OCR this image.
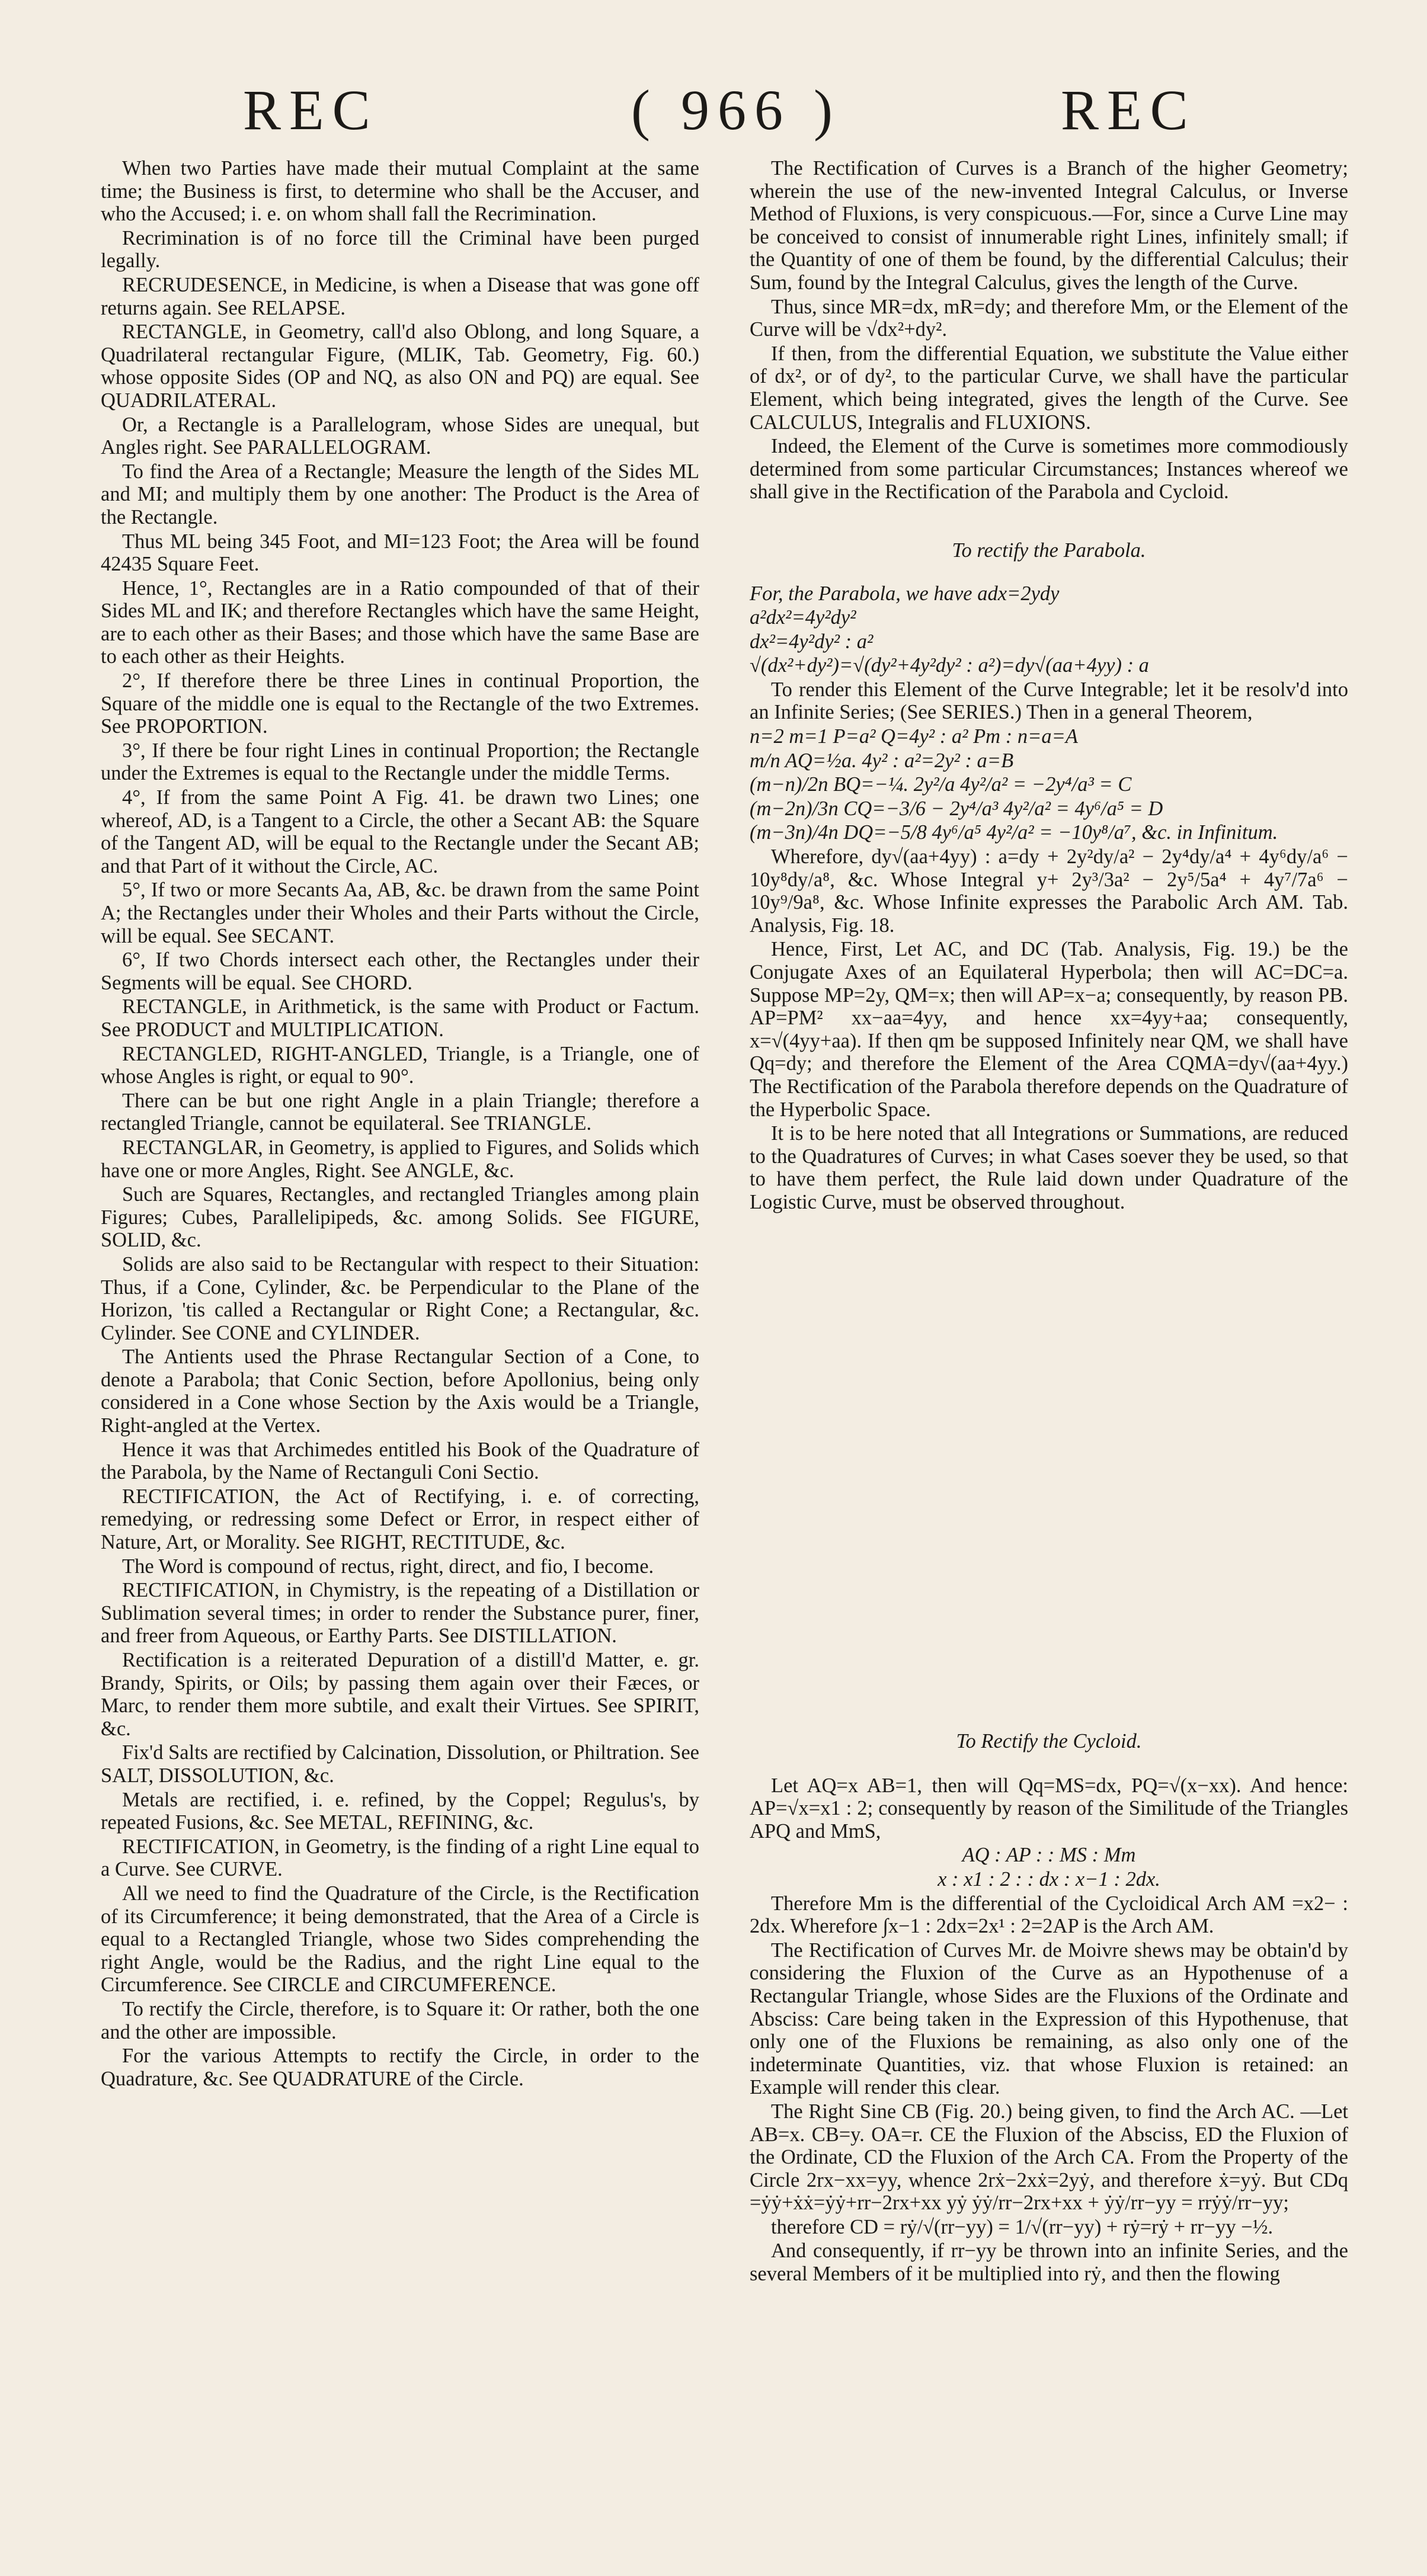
REC	( 966 )	REC

When two Parties have made their mutual Complaint at the same time; the Business is first, to determine who shall be the Accuser, and who the Accused; i. e. on whom shall fall the Recrimination.

Recrimination is of no force till the Criminal have been purged legally.

RECRUDESENCE, in Medicine, is when a Disease that was gone off returns again. See RELAPSE.

RECTANGLE, in Geometry, call'd also Oblong, and long Square, a Quadrilateral rectangular Figure, (MLIK, Tab. Geometry, Fig. 60.) whose opposite Sides (OP and NQ, as also ON and PQ) are equal. See QUADRILATERAL.

Or, a Rectangle is a Parallelogram, whose Sides are unequal, but Angles right. See PARALLELOGRAM.

To find the Area of a Rectangle; Measure the length of the Sides ML and MI; and multiply them by one another: The Product is the Area of the Rectangle.

Thus ML being 345 Foot, and MI=123 Foot; the Area will be found 42435 Square Feet.

Hence, 1°, Rectangles are in a Ratio compounded of that of their Sides ML and IK; and therefore Rectangles which have the same Height, are to each other as their Bases; and those which have the same Base are to each other as their Heights.

2°, If therefore there be three Lines in continual Proportion, the Square of the middle one is equal to the Rectangle of the two Extremes. See PROPORTION.

3°, If there be four right Lines in continual Proportion; the Rectangle under the Extremes is equal to the Rectangle under the middle Terms.

4°, If from the same Point A Fig. 41. be drawn two Lines; one whereof, AD, is a Tangent to a Circle, the other a Secant AB: the Square of the Tangent AD, will be equal to the Rectangle under the Secant AB; and that Part of it without the Circle, AC.

5°, If two or more Secants Aa, AB, &c. be drawn from the same Point A; the Rectangles under their Wholes and their Parts without the Circle, will be equal. See SECANT.

6°, If two Chords intersect each other, the Rectangles under their Segments will be equal. See CHORD.

RECTANGLE, in Arithmetick, is the same with Product or Factum. See PRODUCT and MULTIPLICATION.

RECTANGLED, RIGHT-ANGLED, Triangle, is a Triangle, one of whose Angles is right, or equal to 90°.

There can be but one right Angle in a plain Triangle; therefore a rectangled Triangle, cannot be equilateral. See TRIANGLE.

RECTANGLAR, in Geometry, is applied to Figures, and Solids which have one or more Angles, Right. See ANGLE, &c.

Such are Squares, Rectangles, and rectangled Triangles among plain Figures; Cubes, Parallelipipeds, &c. among Solids. See FIGURE, SOLID, &c.

Solids are also said to be Rectangular with respect to their Situation: Thus, if a Cone, Cylinder, &c. be Perpendicular to the Plane of the Horizon, 'tis called a Rectangular or Right Cone; a Rectangular, &c. Cylinder. See CONE and CYLINDER.

The Antients used the Phrase Rectangular Section of a Cone, to denote a Parabola; that Conic Section, before Apollonius, being only considered in a Cone whose Section by the Axis would be a Triangle, Right-angled at the Vertex.

Hence it was that Archimedes entitled his Book of the Quadrature of the Parabola, by the Name of Rectanguli Coni Sectio.

RECTIFICATION, the Act of Rectifying, i. e. of correcting, remedying, or redressing some Defect or Error, in respect either of Nature, Art, or Morality. See RIGHT, RECTITUDE, &c.

The Word is compound of rectus, right, direct, and fio, I become.

RECTIFICATION, in Chymistry, is the repeating of a Distillation or Sublimation several times; in order to render the Substance purer, finer, and freer from Aqueous, or Earthy Parts. See DISTILLATION.

Rectification is a reiterated Depuration of a distill'd Matter, e. gr. Brandy, Spirits, or Oils; by passing them again over their Fæces, or Marc, to render them more subtile, and exalt their Virtues. See SPIRIT, &c.

Fix'd Salts are rectified by Calcination, Dissolution, or Philtration. See SALT, DISSOLUTION, &c.

Metals are rectified, i. e. refined, by the Coppel; Regulus's, by repeated Fusions, &c. See METAL, REFINING, &c.

RECTIFICATION, in Geometry, is the finding of a right Line equal to a Curve. See CURVE.

All we need to find the Quadrature of the Circle, is the Rectification of its Circumference; it being demonstrated, that the Area of a Circle is equal to a Rectangled Triangle, whose two Sides comprehending the right Angle, would be the Radius, and the right Line equal to the Circumference. See CIRCLE and CIRCUMFERENCE.

To rectify the Circle, therefore, is to Square it: Or rather, both the one and the other are impossible.

For the various Attempts to rectify the Circle, in order to the Quadrature, &c. See QUADRATURE of the Circle.

The Rectification of Curves is a Branch of the higher Geometry; wherein the use of the new-invented Integral Calculus, or Inverse Method of Fluxions, is very conspicuous.—For, since a Curve Line may be conceived to consist of innumerable right Lines, infinitely small; if the Quantity of one of them be found, by the differential Calculus; their Sum, found by the Integral Calculus, gives the length of the Curve.

Thus, since MR=dx, mR=dy; and therefore Mm, or the Element of the Curve will be √dx²+dy².

If then, from the differential Equation, we substitute the Value either of dx², or of dy², to the particular Curve, we shall have the particular Element, which being integrated, gives the length of the Curve. See CALCULUS, Integralis and FLUXIONS.

Indeed, the Element of the Curve is sometimes more commodiously determined from some particular Circumstances; Instances whereof we shall give in the Rectification of the Parabola and Cycloid.

To rectify the Parabola.

For, the Parabola, we have adx=2ydy

a²dx²=4y²dy²

dx²=4y²dy² : a²

√(dx²+dy²)=√(dy²+4y²dy² : a²)=dy√(aa+4yy) : a

To render this Element of the Curve Integrable; let it be resolv'd into an Infinite Series; (See SERIES.) Then in a general Theorem,

n=2 m=1 P=a² Q=4y² : a² Pm : n=a=A

m/n AQ=½a. 4y² : a²=2y² : a=B

(m−n)/2n BQ=−¼. 2y²/a 4y²/a² = −2y⁴/a³ = C

(m−2n)/3n CQ=−3/6 − 2y⁴/a³ 4y²/a² = 4y⁶/a⁵ = D

(m−3n)/4n DQ=−5/8 4y⁶/a⁵ 4y²/a² = −10y⁸/a⁷, &c. in Infinitum.

Wherefore, dy√(aa+4yy) : a=dy + 2y²dy/a² − 2y⁴dy/a⁴ + 4y⁶dy/a⁶ − 10y⁸dy/a⁸, &c. Whose Integral y+ 2y³/3a² − 2y⁵/5a⁴ + 4y⁷/7a⁶ − 10y⁹/9a⁸, &c. Whose Infinite expresses the Parabolic Arch AM. Tab. Analysis, Fig. 18.

Hence, First, Let AC, and DC (Tab. Analysis, Fig. 19.) be the Conjugate Axes of an Equilateral Hyperbola; then will AC=DC=a. Suppose MP=2y, QM=x; then will AP=x−a; consequently, by reason PB. AP=PM² xx−aa=4yy, and hence xx=4yy+aa; consequently, x=√(4yy+aa). If then qm be supposed Infinitely near QM, we shall have Qq=dy; and therefore the Element of the Area CQMA=dy√(aa+4yy.) The Rectification of the Parabola therefore depends on the Quadrature of the Hyperbolic Space.

It is to be here noted that all Integrations or Summations, are reduced to the Quadratures of Curves; in what Cases soever they be used, so that to have them perfect, the Rule laid down under Quadrature of the Logistic Curve, must be observed throughout.

To Rectify the Cycloid.

Let AQ=x AB=1, then will Qq=MS=dx, PQ=√(x−xx). And hence: AP=√x=x1 : 2; consequently by reason of the Similitude of the Triangles APQ and MmS,

AQ : AP : : MS : Mm

x : x1 : 2 : : dx : x−1 : 2dx.

Therefore Mm is the differential of the Cycloidical Arch AM =x2− : 2dx. Wherefore ∫x−1 : 2dx=2x¹ : 2=2AP is the Arch AM.

The Rectification of Curves Mr. de Moivre shews may be obtain'd by considering the Fluxion of the Curve as an Hypothenuse of a Rectangular Triangle, whose Sides are the Fluxions of the Ordinate and Absciss: Care being taken in the Expression of this Hypothenuse, that only one of the Fluxions be remaining, as also only one of the indeterminate Quantities, viz. that whose Fluxion is retained: an Example will render this clear.

The Right Sine CB (Fig. 20.) being given, to find the Arch AC. —Let AB=x. CB=y. OA=r. CE the Fluxion of the Absciss, ED the Fluxion of the Ordinate, CD the Fluxion of the Arch CA. From the Property of the Circle 2rx−xx=yy, whence 2rẋ−2xẋ=2yẏ, and therefore ẋ=yẏ. But CDq =ẏẏ+ẋẋ=ẏẏ+rr−2rx+xx yẏ ẏẏ/rr−2rx+xx + ẏẏ/rr−yy = rrẏẏ/rr−yy;

therefore CD = rẏ/√(rr−yy) = 1/√(rr−yy) + rẏ=rẏ + rr−yy −½.

And consequently, if rr−yy be thrown into an infinite Series, and the several Members of it be multiplied into rẏ, and then the flowing
